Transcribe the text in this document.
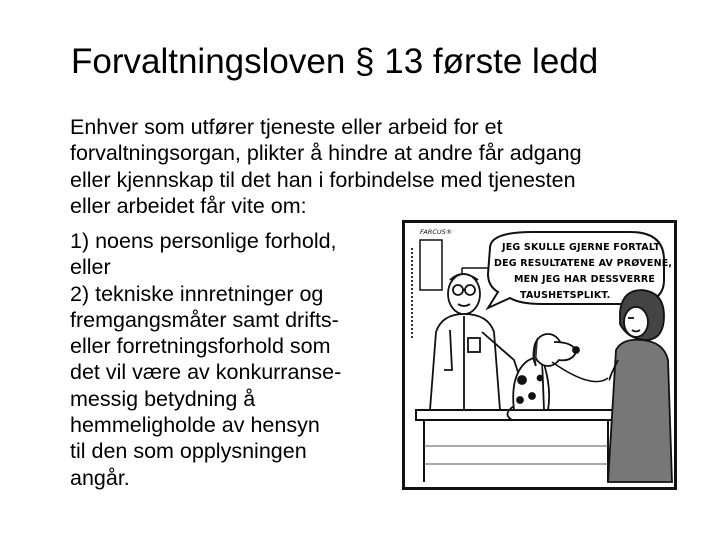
Forvaltningsloven § 13 første ledd
Enhver som utfører tjeneste eller arbeid for et
forvaltningsorgan, plikter å hindre at andre får adgang
eller kjennskap til det han i forbindelse med tjenesten
eller arbeidet får vite om:
1) noens personlige forhold,
eller
2) tekniske innretninger og
fremgangsmåter samt drifts-
eller forretningsforhold som
det vil være av konkurranse-
messig betydning å
hemmeligholde av hensyn
til den som opplysningen
angår.
FARCUS®
JEG SKULLE GJERNE FORTALT DEG RESULTATENE AV PRØVENE, MEN JEG HAR DESSVERRE TAUSHETSPLIKT.
